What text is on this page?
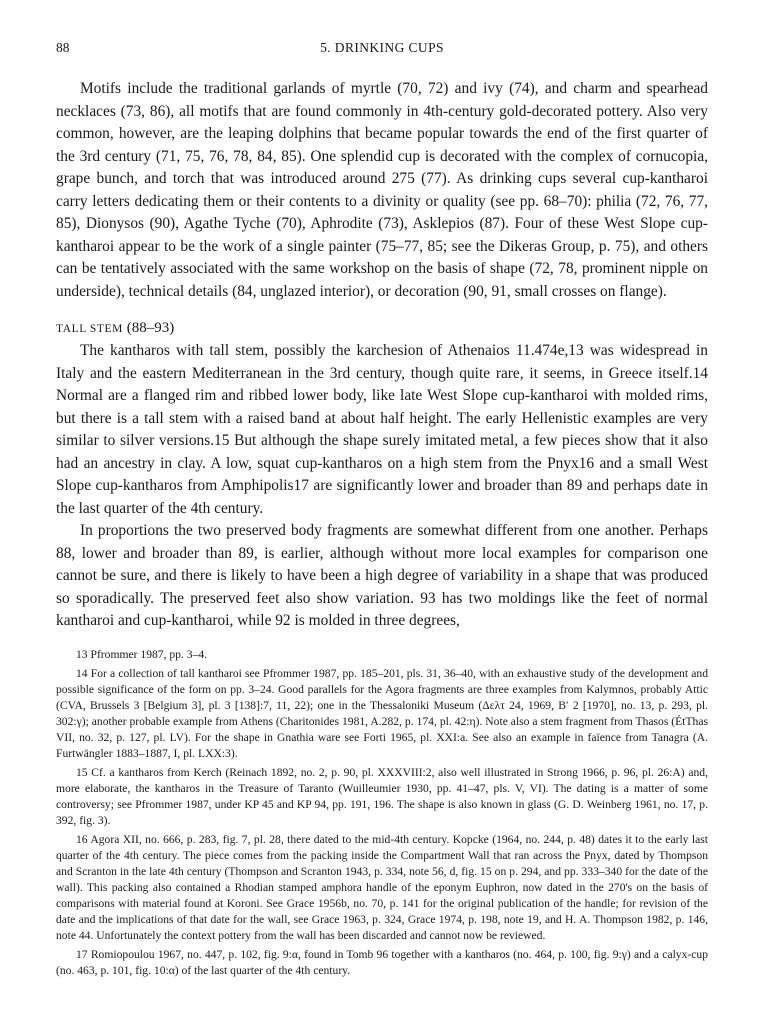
88	5. DRINKING CUPS

Motifs include the traditional garlands of myrtle (70, 72) and ivy (74), and charm and spearhead necklaces (73, 86), all motifs that are found commonly in 4th-century gold-decorated pottery. Also very common, however, are the leaping dolphins that became popular towards the end of the first quarter of the 3rd century (71, 75, 76, 78, 84, 85). One splendid cup is decorated with the complex of cornucopia, grape bunch, and torch that was introduced around 275 (77). As drinking cups several cup-kantharoi carry letters dedicating them or their contents to a divinity or quality (see pp. 68–70): philia (72, 76, 77, 85), Dionysos (90), Agathe Tyche (70), Aphrodite (73), Asklepios (87). Four of these West Slope cup-kantharoi appear to be the work of a single painter (75–77, 85; see the Dikeras Group, p. 75), and others can be tentatively associated with the same workshop on the basis of shape (72, 78, prominent nipple on underside), technical details (84, unglazed interior), or decoration (90, 91, small crosses on flange).

TALL STEM (88–93)

The kantharos with tall stem, possibly the karchesion of Athenaios 11.474e,13 was widespread in Italy and the eastern Mediterranean in the 3rd century, though quite rare, it seems, in Greece itself.14 Normal are a flanged rim and ribbed lower body, like late West Slope cup-kantharoi with molded rims, but there is a tall stem with a raised band at about half height. The early Hellenistic examples are very similar to silver versions.15 But although the shape surely imitated metal, a few pieces show that it also had an ancestry in clay. A low, squat cup-kantharos on a high stem from the Pnyx16 and a small West Slope cup-kantharos from Amphipolis17 are significantly lower and broader than 89 and perhaps date in the last quarter of the 4th century.

In proportions the two preserved body fragments are somewhat different from one another. Perhaps 88, lower and broader than 89, is earlier, although without more local examples for comparison one cannot be sure, and there is likely to have been a high degree of variability in a shape that was produced so sporadically. The preserved feet also show variation. 93 has two moldings like the feet of normal kantharoi and cup-kantharoi, while 92 is molded in three degrees,

13 Pfrommer 1987, pp. 3–4.

14 For a collection of tall kantharoi see Pfrommer 1987, pp. 185–201, pls. 31, 36–40, with an exhaustive study of the development and possible significance of the form on pp. 3–24. Good parallels for the Agora fragments are three examples from Kalymnos, probably Attic (CVA, Brussels 3 [Belgium 3], pl. 3 [138]:7, 11, 22); one in the Thessaloniki Museum (Δελτ 24, 1969, B′ 2 [1970], no. 13, p. 293, pl. 302:γ); another probable example from Athens (Charitonides 1981, A.282, p. 174, pl. 42:η). Note also a stem fragment from Thasos (ÉtThas VII, no. 32, p. 127, pl. LV). For the shape in Gnathia ware see Forti 1965, pl. XXI:a. See also an example in faïence from Tanagra (A. Furtwängler 1883–1887, I, pl. LXX:3).

15 Cf. a kantharos from Kerch (Reinach 1892, no. 2, p. 90, pl. XXXVIII:2, also well illustrated in Strong 1966, p. 96, pl. 26:A) and, more elaborate, the kantharos in the Treasure of Taranto (Wuilleumier 1930, pp. 41–47, pls. V, VI). The dating is a matter of some controversy; see Pfrommer 1987, under KP 45 and KP 94, pp. 191, 196. The shape is also known in glass (G. D. Weinberg 1961, no. 17, p. 392, fig. 3).

16 Agora XII, no. 666, p. 283, fig. 7, pl. 28, there dated to the mid-4th century. Kopcke (1964, no. 244, p. 48) dates it to the early last quarter of the 4th century. The piece comes from the packing inside the Compartment Wall that ran across the Pnyx, dated by Thompson and Scranton in the late 4th century (Thompson and Scranton 1943, p. 334, note 56, d, fig. 15 on p. 294, and pp. 333–340 for the date of the wall). This packing also contained a Rhodian stamped amphora handle of the eponym Euphron, now dated in the 270's on the basis of comparisons with material found at Koroni. See Grace 1956b, no. 70, p. 141 for the original publication of the handle; for revision of the date and the implications of that date for the wall, see Grace 1963, p. 324, Grace 1974, p. 198, note 19, and H. A. Thompson 1982, p. 146, note 44. Unfortunately the context pottery from the wall has been discarded and cannot now be reviewed.

17 Romiopoulou 1967, no. 447, p. 102, fig. 9:α, found in Tomb 96 together with a kantharos (no. 464, p. 100, fig. 9:γ) and a calyx-cup (no. 463, p. 101, fig. 10:α) of the last quarter of the 4th century.
